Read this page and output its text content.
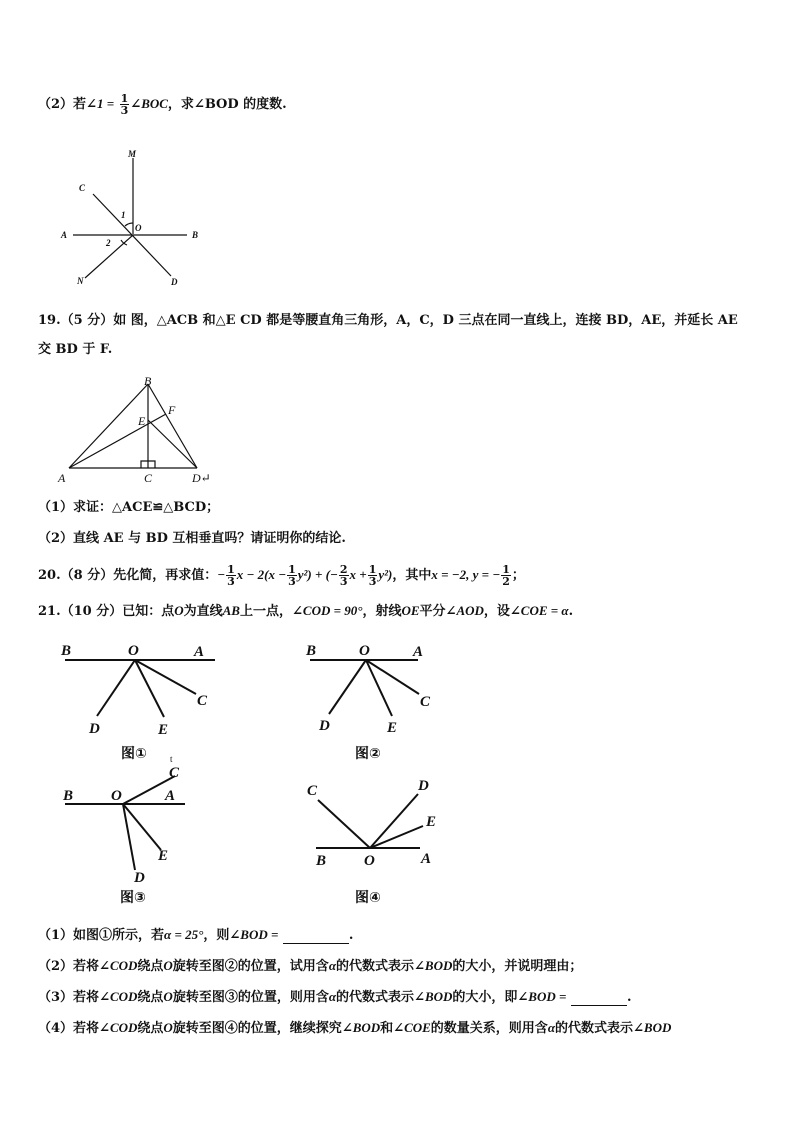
（2）若∠1 = $\frac{1}{3}$ ∠BOC，求∠BOD 的度数.
M
C
A	B
O
N	D
1
2
19.（5 分）如 图，△ACB 和△E CD 都是等腰直角三角形，A，C，D 三点在同一直线上，连接 BD，AE，并延长 AE
交 BD 于 F.
A
B
C	D↵
E
F
（1）求证：△ACE≌△BCD；
（2）直线 AE 与 BD 互相垂直吗？请证明你的结论.
20.（8 分）先化简，再求值：− $\frac{1}{3}$ $x - 2(x - \frac{1}{3} y^2)$ + (− $\frac{2}{3}$ $x + \frac{1}{3} y^2$)，其中x = −2, y = − $\frac{1}{2}$ ；
21.（10 分）已知：点O为直线AB上一点，∠COD = 90°，射线OE平分∠AOD，设∠COE = α.
B	O	A
C
D	E
图①	t
B	O	A
C
D	E
图②
B	O	A
C
D
E
图③
C	D
E
B	O	A
图④
（1）如图①所示，若α = 25°，则∠BOD =	.
（2）若将∠COD绕点O旋转至图②的位置，试用含α的代数式表示∠BOD的大小，并说明理由；
（3）若将∠COD绕点O旋转至图③的位置，则用含α的代数式表示∠BOD的大小，即∠BOD =	.
（4）若将∠COD绕点O旋转至图④的位置，继续探究∠BOD和∠COE的数量关系，则用含α的代数式表示∠BOD
